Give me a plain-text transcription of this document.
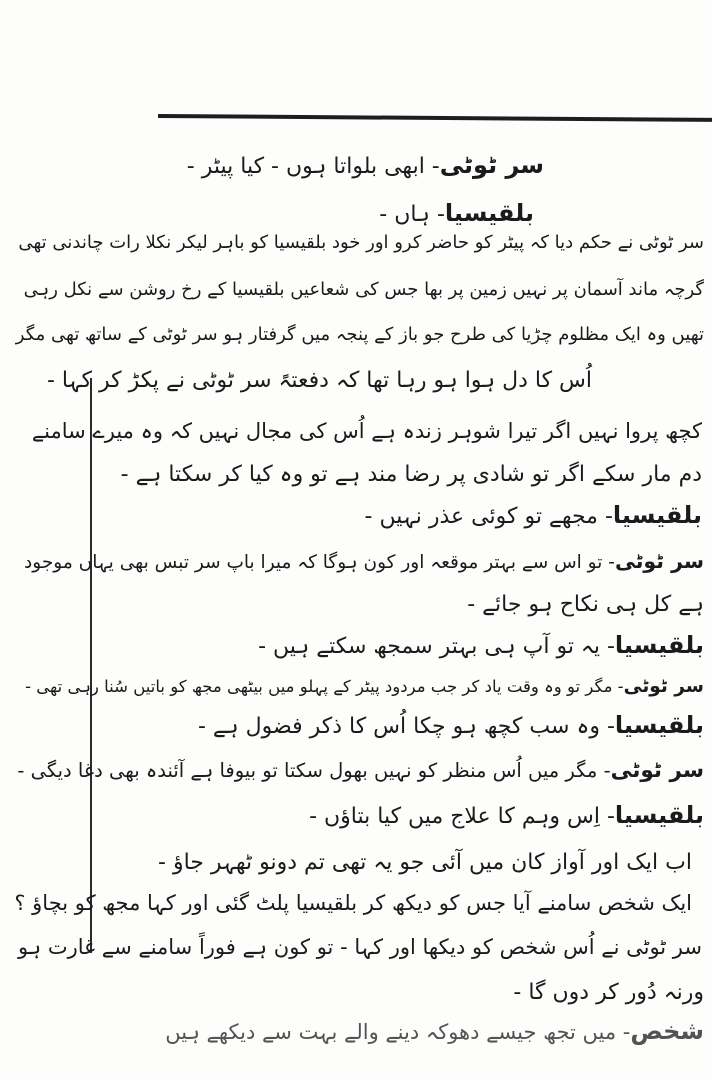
سر ٹوٹی- ابھی بلواتا ہوں - کیا پیٹر -
بلقیسیا- ہاں -
سر ٹوٹی نے حکم دیا کہ پیٹر کو حاضر کرو اور خود بلقیسیا کو باہر لیکر نکلا رات چاندنی تھی
گرچہ ماند آسمان پر نہیں زمین پر بھا جس کی شعاعیں بلقیسیا کے رخ روشن سے نکل رہی
تھیں وہ ایک مظلوم چڑیا کی طرح جو باز کے پنجہ میں گرفتار ہو سر ٹوٹی کے ساتھ تھی مگر
اُس کا دل ہوا ہو رہا تھا کہ دفعتہً سر ٹوٹی نے پکڑ کر کہا -
کچھ پروا نہیں اگر تیرا شوہر زندہ ہے اُس کی مجال نہیں کہ وہ میرے سامنے
دم مار سکے اگر تو شادی پر رضا مند ہے تو وہ کیا کر سکتا ہے -
بلقیسیا- مجھے تو کوئی عذر نہیں -
سر ٹوٹی- تو اس سے بہتر موقعہ اور کون ہوگا کہ میرا باپ سر تبس بھی یہاں موجود
ہے کل ہی نکاح ہو جائے -
بلقیسیا- یہ تو آپ ہی بہتر سمجھ سکتے ہیں -
سر ٹوٹی- مگر تو وہ وقت یاد کر جب مردود پیٹر کے پہلو میں بیٹھی مجھ کو باتیں سُنا رہی تھی -
بلقیسیا- وہ سب کچھ ہو چکا اُس کا ذکر فضول ہے -
سر ٹوٹی- مگر میں اُس منظر کو نہیں بھول سکتا تو بیوفا ہے آئندہ بھی دغا دیگی -
بلقیسیا- اِس وہم کا علاج میں کیا بتاؤں -
اب ایک اور آواز کان میں آئی جو یہ تھی تم دونو ٹھہر جاؤ -
ایک شخص سامنے آیا جس کو دیکھ کر بلقیسیا پلٹ گئی اور کہا مجھ کو بچاؤ ؟
سر ٹوٹی نے اُس شخص کو دیکھا اور کہا - تو کون ہے فوراً سامنے سے غارت ہو
ورنہ دُور کر دوں گا -
شخص- میں تجھ جیسے دھوکہ دینے والے بہت سے دیکھے ہیں
